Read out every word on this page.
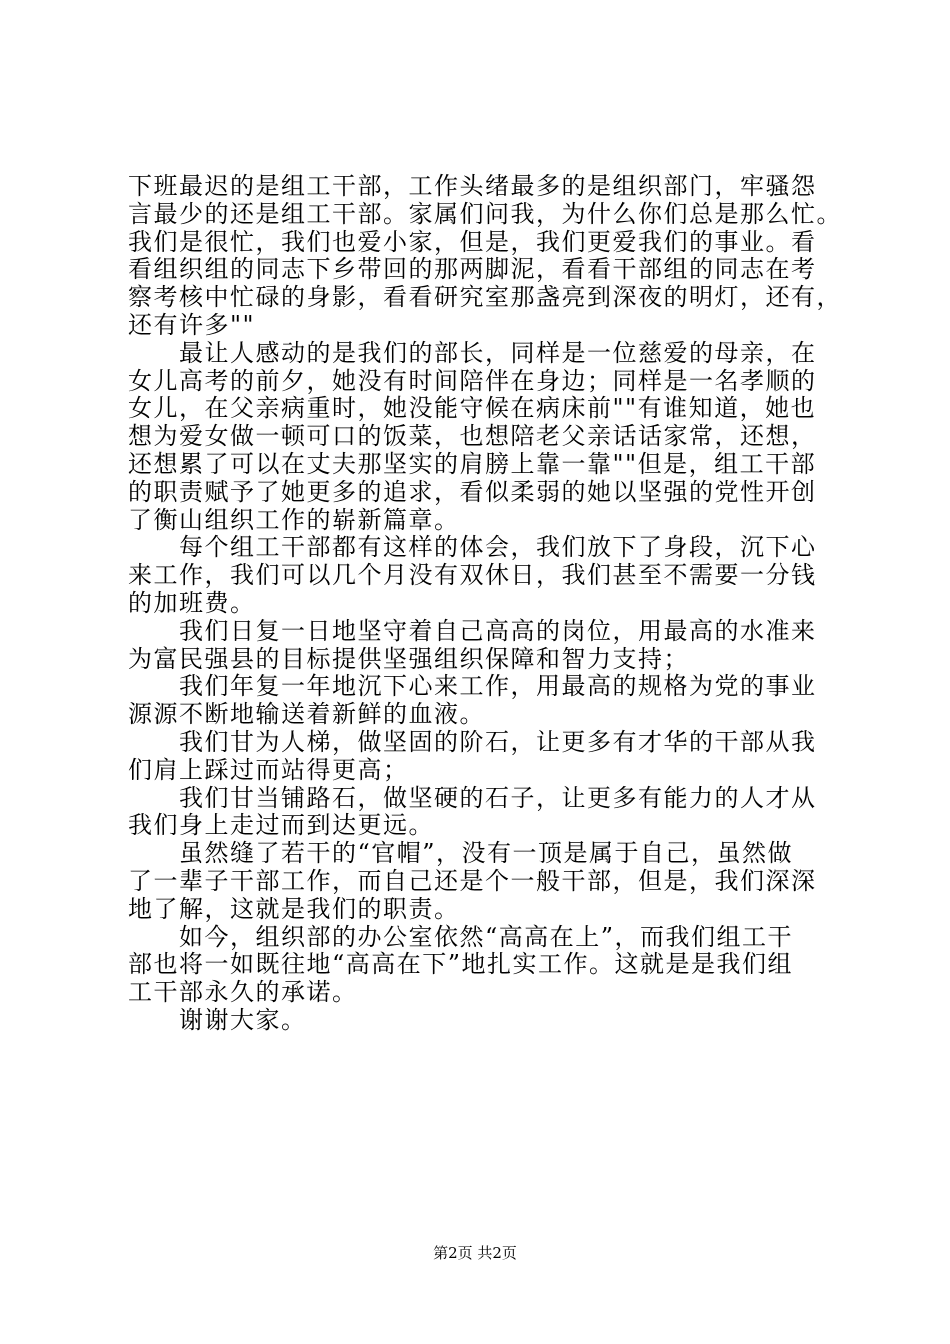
下班最迟的是组工干部，工作头绪最多的是组织部门，牢骚怨
言最少的还是组工干部。家属们问我，为什么你们总是那么忙。
我们是很忙，我们也爱小家，但是，我们更爱我们的事业。看
看组织组的同志下乡带回的那两脚泥，看看干部组的同志在考
察考核中忙碌的身影，看看研究室那盏亮到深夜的明灯，还有，
还有许多""
　　最让人感动的是我们的部长，同样是一位慈爱的母亲，在
女儿高考的前夕，她没有时间陪伴在身边；同样是一名孝顺的
女儿，在父亲病重时，她没能守候在病床前""有谁知道，她也
想为爱女做一顿可口的饭菜，也想陪老父亲话话家常，还想，
还想累了可以在丈夫那坚实的肩膀上靠一靠""但是，组工干部
的职责赋予了她更多的追求，看似柔弱的她以坚强的党性开创
了衡山组织工作的崭新篇章。
　　每个组工干部都有这样的体会，我们放下了身段，沉下心
来工作，我们可以几个月没有双休日，我们甚至不需要一分钱
的加班费。
　　我们日复一日地坚守着自己高高的岗位，用最高的水准来
为富民强县的目标提供坚强组织保障和智力支持；
　　我们年复一年地沉下心来工作，用最高的规格为党的事业
源源不断地输送着新鲜的血液。
　　我们甘为人梯，做坚固的阶石，让更多有才华的干部从我
们肩上踩过而站得更高；
　　我们甘当铺路石，做坚硬的石子，让更多有能力的人才从
我们身上走过而到达更远。
　　虽然缝了若干的“官帽”，没有一顶是属于自己，虽然做
了一辈子干部工作，而自己还是个一般干部，但是，我们深深
地了解，这就是我们的职责。
　　如今，组织部的办公室依然“高高在上”，而我们组工干
部也将一如既往地“高高在下”地扎实工作。这就是是我们组
工干部永久的承诺。
　　谢谢大家。
第2页 共2页
